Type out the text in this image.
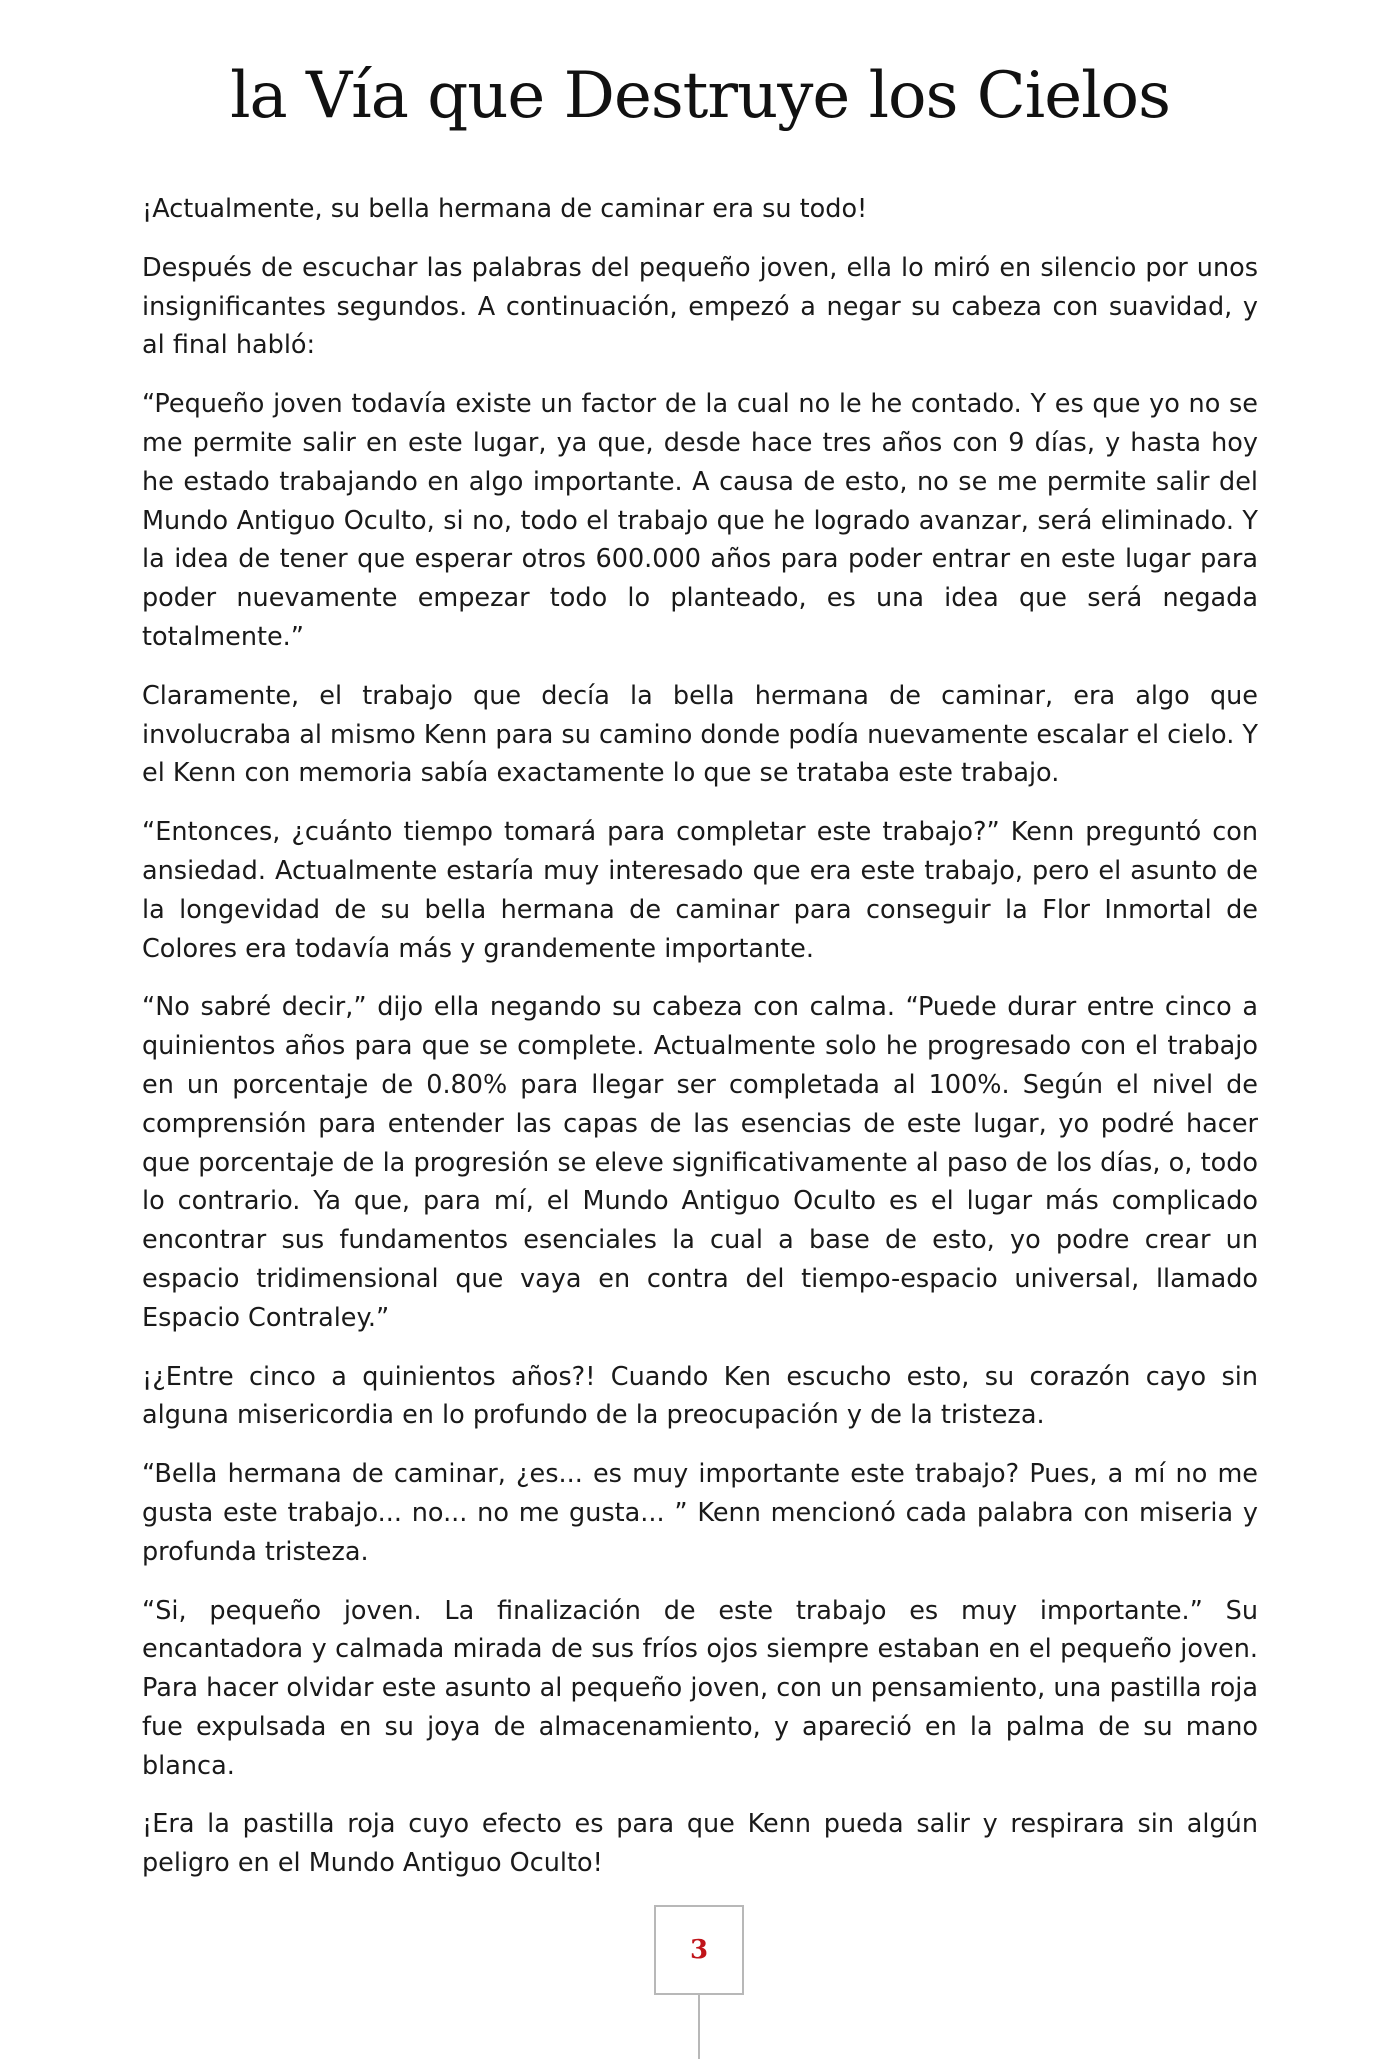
la Vía que Destruye los Cielos

¡Actualmente, su bella hermana de caminar era su todo!

Después de escuchar las palabras del pequeño joven, ella lo miró en silencio por unos insignificantes segundos. A continuación, empezó a negar su cabeza con suavidad, y al final habló:

“Pequeño joven todavía existe un factor de la cual no le he contado. Y es que yo no se me permite salir en este lugar, ya que, desde hace tres años con 9 días, y hasta hoy he estado trabajando en algo importante. A causa de esto, no se me permite salir del Mundo Antiguo Oculto, si no, todo el trabajo que he logrado avanzar, será eliminado. Y la idea de tener que esperar otros 600.000 años para poder entrar en este lugar para poder nuevamente empezar todo lo planteado, es una idea que será negada totalmente.”

Claramente, el trabajo que decía la bella hermana de caminar, era algo que involucraba al mismo Kenn para su camino donde podía nuevamente escalar el cielo. Y el Kenn con memoria sabía exactamente lo que se trataba este trabajo.

“Entonces, ¿cuánto tiempo tomará para completar este trabajo?” Kenn preguntó con ansiedad. Actualmente estaría muy interesado que era este trabajo, pero el asunto de la longevidad de su bella hermana de caminar para conseguir la Flor Inmortal de Colores era todavía más y grandemente importante.

“No sabré decir,” dijo ella negando su cabeza con calma. “Puede durar entre cinco a quinientos años para que se complete. Actualmente solo he progresado con el trabajo en un porcentaje de 0.80% para llegar ser completada al 100%. Según el nivel de comprensión para entender las capas de las esencias de este lugar, yo podré hacer que porcentaje de la progresión se eleve significativamente al paso de los días, o, todo lo contrario. Ya que, para mí, el Mundo Antiguo Oculto es el lugar más complicado encontrar sus fundamentos esenciales la cual a base de esto, yo podre crear un espacio tridimensional que vaya en contra del tiempo-espacio universal, llamado Espacio Contraley.”

¡¿Entre cinco a quinientos años?! Cuando Ken escucho esto, su corazón cayo sin alguna misericordia en lo profundo de la preocupación y de la tristeza.

“Bella hermana de caminar, ¿es... es muy importante este trabajo? Pues, a mí no me gusta este trabajo... no... no me gusta... ” Kenn mencionó cada palabra con miseria y profunda tristeza.

“Si, pequeño joven. La finalización de este trabajo es muy importante.” Su encantadora y calmada mirada de sus fríos ojos siempre estaban en el pequeño joven. Para hacer olvidar este asunto al pequeño joven, con un pensamiento, una pastilla roja fue expulsada en su joya de almacenamiento, y apareció en la palma de su mano blanca.

¡Era la pastilla roja cuyo efecto es para que Kenn pueda salir y respirara sin algún peligro en el Mundo Antiguo Oculto!

3
